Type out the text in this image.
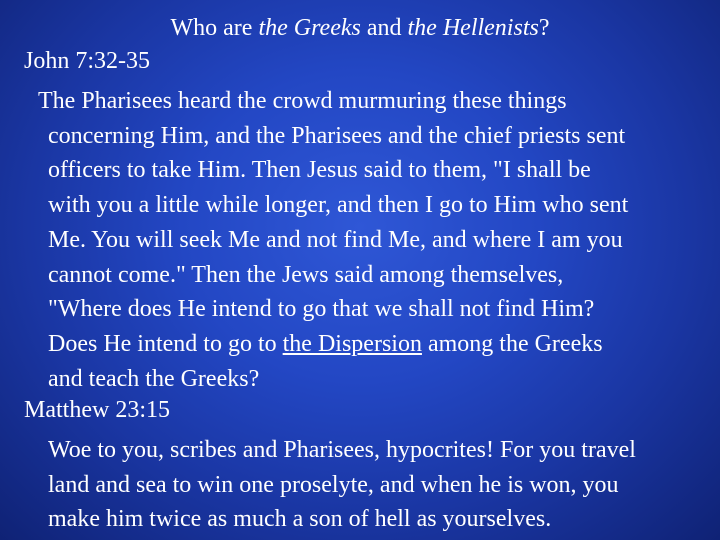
Who are the Greeks and the Hellenists?
John 7:32-35
The Pharisees heard the crowd murmuring these things
concerning Him, and the Pharisees and the chief priests sent
officers to take Him. Then Jesus said to them, "I shall be
with you a little while longer, and then I go to Him who sent
Me. You will seek Me and not find Me, and where I am you
cannot come." Then the Jews said among themselves,
"Where does He intend to go that we shall not find Him?
Does He intend to go to the Dispersion among the Greeks
and teach the Greeks?
Matthew 23:15
Woe to you, scribes and Pharisees, hypocrites! For you travel
land and sea to win one proselyte, and when he is won, you
make him twice as much a son of hell as yourselves.
